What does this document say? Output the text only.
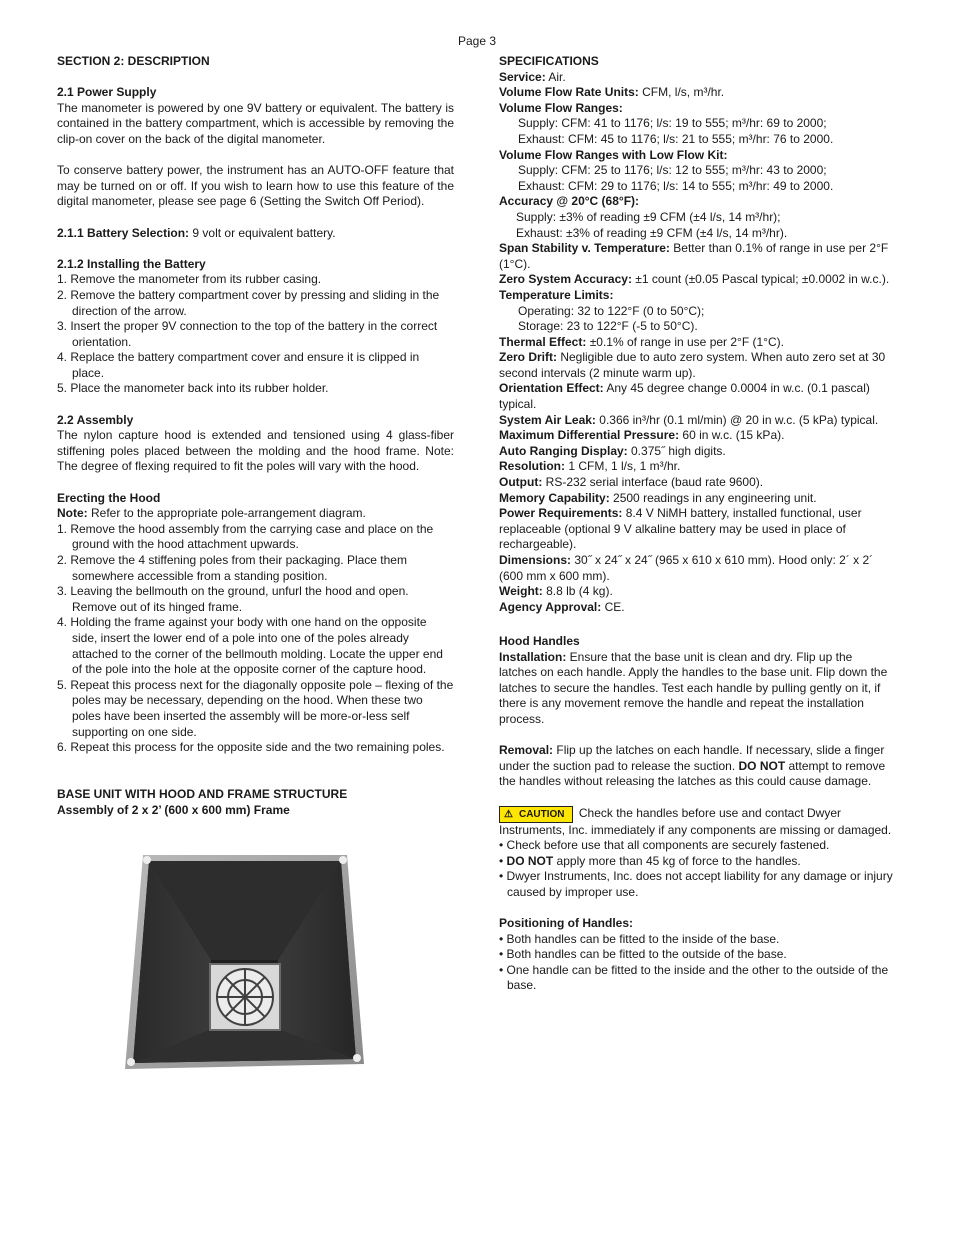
Page 3

SECTION 2: DESCRIPTION

2.1 Power Supply

The manometer is powered by one 9V battery or equivalent. The battery is contained in the battery compartment, which is accessible by removing the clip-on cover on the back of the digital manometer.

To conserve battery power, the instrument has an AUTO-OFF feature that may be turned on or off. If you wish to learn how to use this feature of the digital manometer, please see page 6 (Setting the Switch Off Period).

2.1.1 Battery Selection: 9 volt or equivalent battery.

2.1.2 Installing the Battery

1. Remove the manometer from its rubber casing.

2. Remove the battery compartment cover by pressing and sliding in the direction of the arrow.

3. Insert the proper 9V connection to the top of the battery in the correct orientation.

4. Replace the battery compartment cover and ensure it is clipped in place.

5. Place the manometer back into its rubber holder.

2.2 Assembly

The nylon capture hood is extended and tensioned using 4 glass-fiber stiffening poles placed between the molding and the hood frame. Note: The degree of flexing required to fit the poles will vary with the hood.

Erecting the Hood

Note: Refer to the appropriate pole-arrangement diagram.

1. Remove the hood assembly from the carrying case and place on the ground with the hood attachment upwards.

2. Remove the 4 stiffening poles from their packaging. Place them somewhere accessible from a standing position.

3. Leaving the bellmouth on the ground, unfurl the hood and open. Remove out of its hinged frame.

4. Holding the frame against your body with one hand on the opposite side, insert the lower end of a pole into one of the poles already attached to the corner of the bellmouth molding. Locate the upper end of the pole into the hole at the opposite corner of the capture hood.

5. Repeat this process next for the diagonally opposite pole – flexing of the poles may be necessary, depending on the hood. When these two poles have been inserted the assembly will be more-or-less self supporting on one side.

6. Repeat this process for the opposite side and the two remaining poles.

BASE UNIT WITH HOOD AND FRAME STRUCTURE

Assembly of 2 x 2’ (600 x 600 mm) Frame

SPECIFICATIONS

Service: Air.

Volume Flow Rate Units: CFM, l/s, m³/hr.

Volume Flow Ranges:

Supply: CFM: 41 to 1176; l/s: 19 to 555; m³/hr: 69 to 2000;

Exhaust: CFM: 45 to 1176; l/s: 21 to 555; m³/hr: 76 to 2000.

Volume Flow Ranges with Low Flow Kit:

Supply: CFM: 25 to 1176; l/s: 12 to 555; m³/hr: 43 to 2000;

Exhaust: CFM: 29 to 1176; l/s: 14 to 555; m³/hr: 49 to 2000.

Accuracy @ 20°C (68°F):

Supply: ±3% of reading ±9 CFM (±4 l/s, 14 m³/hr);

Exhaust: ±3% of reading ±9 CFM (±4 l/s, 14 m³/hr).

Span Stability v. Temperature: Better than 0.1% of range in use per 2°F (1°C).

Zero System Accuracy: ±1 count (±0.05 Pascal typical; ±0.0002 in w.c.).

Temperature Limits:

Operating: 32 to 122°F (0 to 50°C);

Storage: 23 to 122°F (-5 to 50°C).

Thermal Effect: ±0.1% of range in use per 2°F (1°C).

Zero Drift: Negligible due to auto zero system. When auto zero set at 30 second intervals (2 minute warm up).

Orientation Effect: Any 45 degree change 0.0004 in w.c. (0.1 pascal) typical.

System Air Leak: 0.366 in³/hr (0.1 ml/min) @ 20 in w.c. (5 kPa) typical.

Maximum Differential Pressure: 60 in w.c. (15 kPa).

Auto Ranging Display: 0.375˝ high digits.

Resolution: 1 CFM, 1 l/s, 1 m³/hr.

Output: RS-232 serial interface (baud rate 9600).

Memory Capability: 2500 readings in any engineering unit.

Power Requirements: 8.4 V NiMH battery, installed functional, user replaceable (optional 9 V alkaline battery may be used in place of rechargeable).

Dimensions: 30˝ x 24˝ x 24˝ (965 x 610 x 610 mm). Hood only: 2´ x 2´ (600 mm x 600 mm).

Weight: 8.8 lb (4 kg).

Agency Approval: CE.

Hood Handles

Installation: Ensure that the base unit is clean and dry. Flip up the latches on each handle. Apply the handles to the base unit. Flip down the latches to secure the handles. Test each handle by pulling gently on it, if there is any movement remove the handle and repeat the installation process.

Removal: Flip up the latches on each handle. If necessary, slide a finger under the suction pad to release the suction. DO NOT attempt to remove the handles without releasing the latches as this could cause damage.

⚠ CAUTION Check the handles before use and contact Dwyer Instruments, Inc. immediately if any components are missing or damaged.

• Check before use that all components are securely fastened.

• DO NOT apply more than 45 kg of force to the handles.

• Dwyer Instruments, Inc. does not accept liability for any damage or injury caused by improper use.

Positioning of Handles:

• Both handles can be fitted to the inside of the base.

• Both handles can be fitted to the outside of the base.

• One handle can be fitted to the inside and the other to the outside of the base.
